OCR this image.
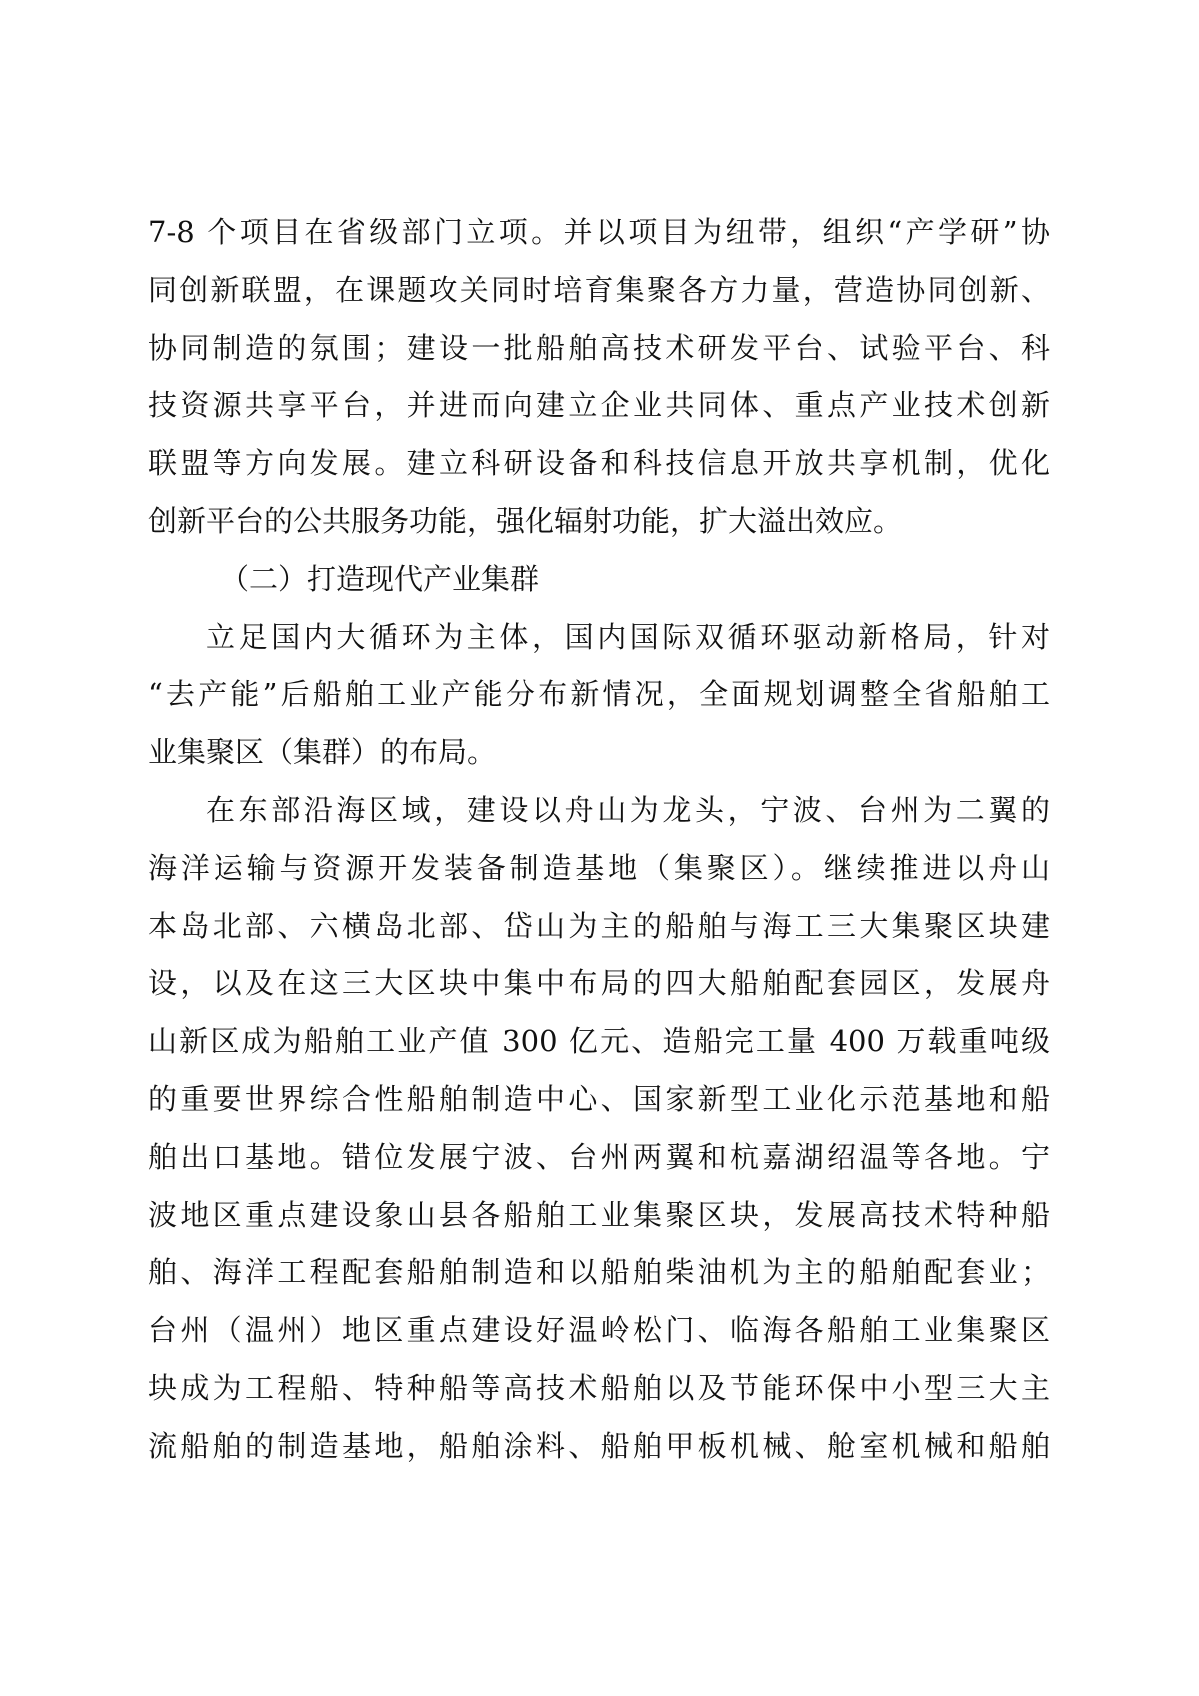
7-8 个项目在省级部门立项。并以项目为纽带，组织“产学研”协
同创新联盟，在课题攻关同时培育集聚各方力量，营造协同创新、
协同制造的氛围；建设一批船舶高技术研发平台、试验平台、科
技资源共享平台，并进而向建立企业共同体、重点产业技术创新
联盟等方向发展。建立科研设备和科技信息开放共享机制，优化
创新平台的公共服务功能，强化辐射功能，扩大溢出效应。
（二）打造现代产业集群
立足国内大循环为主体，国内国际双循环驱动新格局，针对
“去产能”后船舶工业产能分布新情况，全面规划调整全省船舶工
业集聚区（集群）的布局。
在东部沿海区域，建设以舟山为龙头，宁波、台州为二翼的
海洋运输与资源开发装备制造基地（集聚区）。继续推进以舟山
本岛北部、六横岛北部、岱山为主的船舶与海工三大集聚区块建
设，以及在这三大区块中集中布局的四大船舶配套园区，发展舟
山新区成为船舶工业产值 300 亿元、造船完工量 400 万载重吨级
的重要世界综合性船舶制造中心、国家新型工业化示范基地和船
舶出口基地。错位发展宁波、台州两翼和杭嘉湖绍温等各地。宁
波地区重点建设象山县各船舶工业集聚区块，发展高技术特种船
舶、海洋工程配套船舶制造和以船舶柴油机为主的船舶配套业；
台州（温州）地区重点建设好温岭松门、临海各船舶工业集聚区
块成为工程船、特种船等高技术船舶以及节能环保中小型三大主
流船舶的制造基地，船舶涂料、船舶甲板机械、舱室机械和船舶
